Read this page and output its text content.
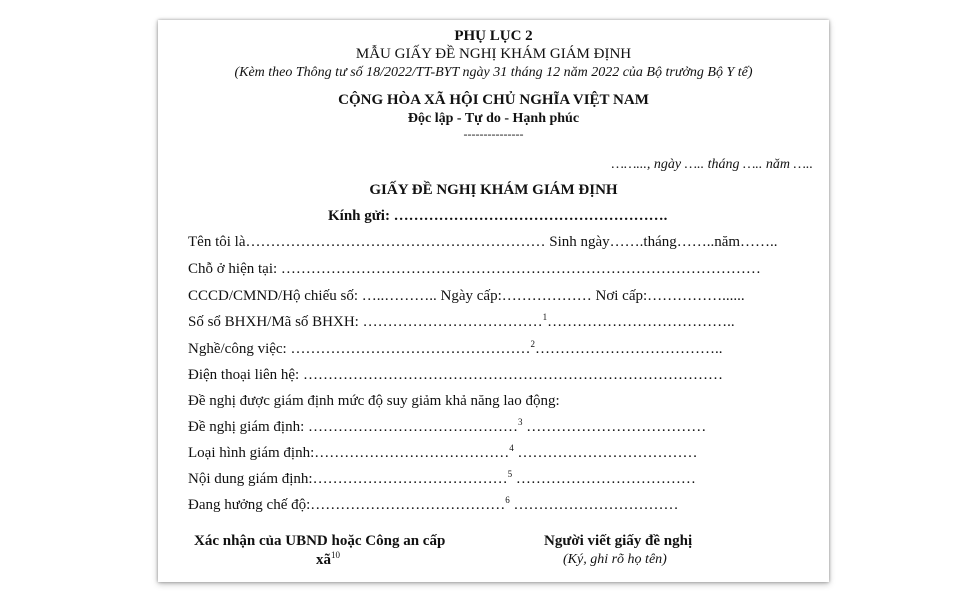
PHỤ LỤC 2
MẪU GIẤY ĐỀ NGHỊ KHÁM GIÁM ĐỊNH
(Kèm theo Thông tư số 18/2022/TT-BYT ngày 31 tháng 12 năm 2022 của Bộ trưởng Bộ Y tế)
CỘNG HÒA XÃ HỘI CHỦ NGHĨA VIỆT NAM
Độc lập - Tự do - Hạnh phúc
---------------
……..., ngày ….. tháng ….. năm …..
GIẤY ĐỀ NGHỊ KHÁM GIÁM ĐỊNH
Kính gửi: ……………………………………………….
Tên tôi là…………………………………………………… Sinh ngày…….tháng……..năm……..
Chỗ ở hiện tại: ……………………………………………………………………………………
CCCD/CMND/Hộ chiếu số: …..……….. Ngày cấp:……………… Nơi cấp:……………......
Số sổ BHXH/Mã số BHXH: ………………………………$^1$………………………………..
Nghề/công việc: …………………………………………$^2$………………………………..
Điện thoại liên hệ: …………………………………………………………………………
Đề nghị được giám định mức độ suy giảm khả năng lao động:
Đề nghị giám định: ……………………………………$^3$ ………………………………
Loại hình giám định:…………………………………$^4$ ………………………………
Nội dung giám định:…………………………………$^5$ ………………………………
Đang hưởng chế độ:…………………………………$^6$ ……………………………
Xác nhận của UBND hoặc Công an cấp
$xã^{10}$
Người viết giấy đề nghị
(Ký, ghi rõ họ tên)
